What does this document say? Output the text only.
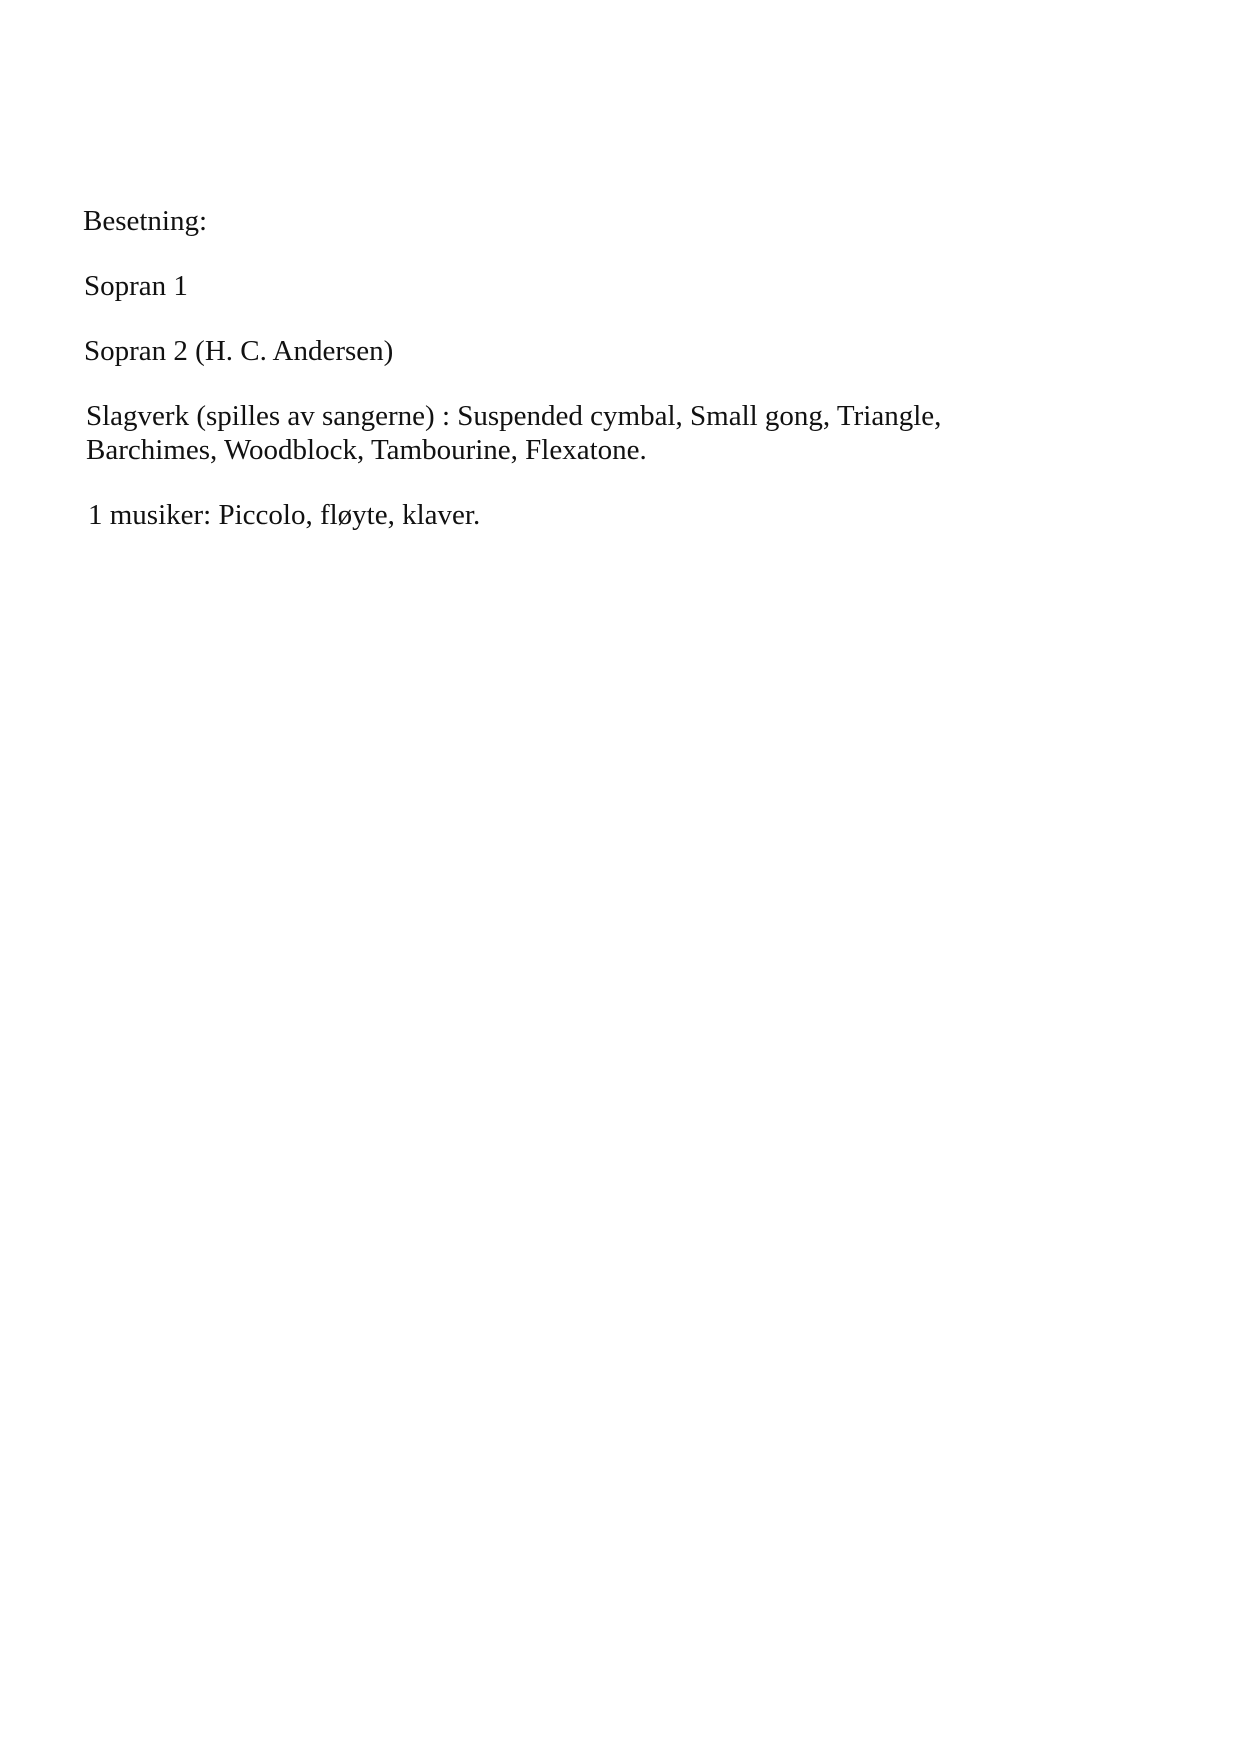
Besetning:

Sopran 1

Sopran 2 (H. C. Andersen)

Slagverk (spilles av sangerne) : Suspended cymbal, Small gong, Triangle,
Barchimes, Woodblock, Tambourine, Flexatone.

1 musiker: Piccolo, fløyte, klaver.
